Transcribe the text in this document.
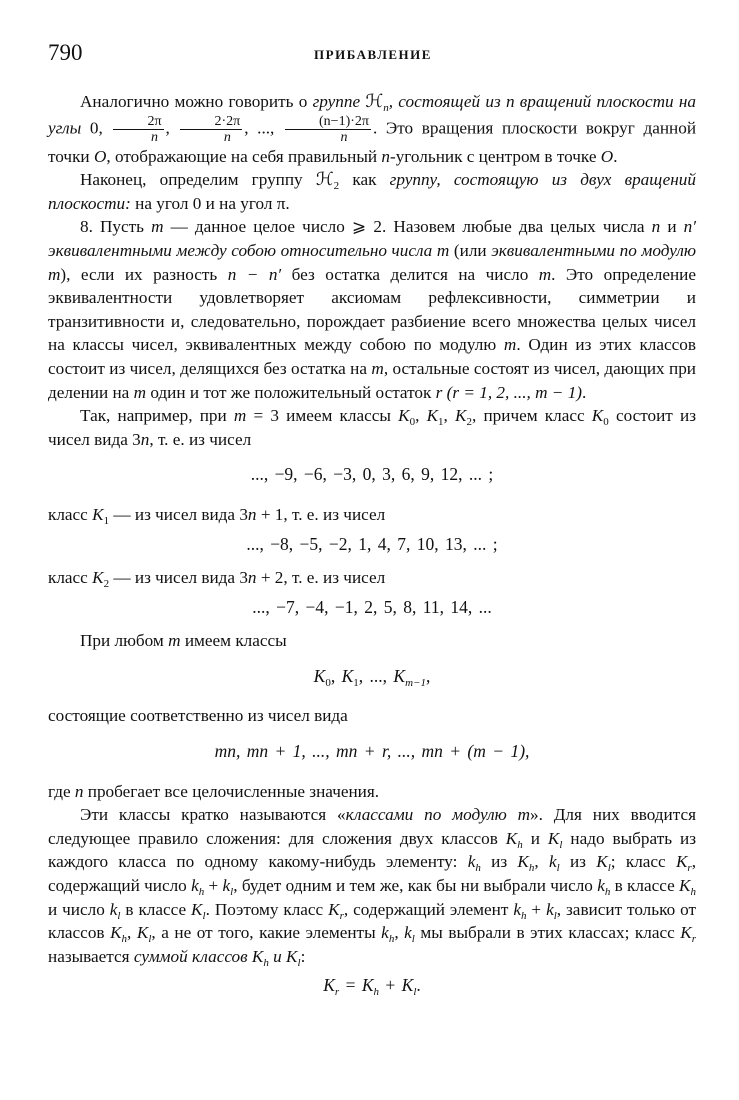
790	ПРИБАВЛЕНИЕ

Аналогично можно говорить о группе ℋ$_n$, состоящей из n вращений плоскости на углы 0, $\frac{2\pi}{n}$ , $\frac{2\cdot 2\pi}{n}$ , ..., $\frac{(n-1)\cdot 2\pi}{n}$ . Это вращения плоскости вокруг данной точки O, отображающие на себя правильный n-угольник с центром в точке O.

Наконец, определим группу ℋ$_2$ как группу, состоящую из двух вращений плоскости: на угол 0 и на угол π.

8. Пусть m — данное целое число ⩾ 2. Назовем любые два целых числа n и n′ эквивалентными между собою относительно числа m (или эквивалентными по модулю m), если их разность n − n′ без остатка делится на число m. Это определение эквивалентности удовлетворяет аксиомам рефлексивности, симметрии и транзитивности и, следовательно, порождает разбиение всего множества целых чисел на классы чисел, эквивалентных между собою по модулю m. Один из этих классов состоит из чисел, делящихся без остатка на m, остальные состоят из чисел, дающих при делении на m один и тот же положительный остаток r (r = 1, 2, ..., m − 1).

Так, например, при m = 3 имеем классы $K_0$, $K_1$, $K_2$, причем класс $K_0$ состоит из чисел вида 3n, т. е. из чисел

..., −9, −6, −3, 0, 3, 6, 9, 12, ... ;

класс $K_1$ — из чисел вида 3n + 1, т. е. из чисел

..., −8, −5, −2, 1, 4, 7, 10, 13, ... ;

класс $K_2$ — из чисел вида 3n + 2, т. е. из чисел

..., −7, −4, −1, 2, 5, 8, 11, 14, ...

При любом m имеем классы

$K_0$, $K_1$, ..., $K_{m-1}$,

состоящие соответственно из чисел вида

mn, mn + 1, ..., mn + r, ..., mn + (m − 1),

где n пробегает все целочисленные значения.

Эти классы кратко называются «классами по модулю m». Для них вводится следующее правило сложения: для сложения двух классов $K_h$ и $K_l$ надо выбрать из каждого класса по одному какому-нибудь элементу: $k_h$ из $K_h$, $k_l$ из $K_l$; класс $K_r$, содержащий число $k_h + k_l$, будет одним и тем же, как бы ни выбрали число $k_h$ в классе $K_h$ и число $k_l$ в классе $K_l$. Поэтому класс $K_r$, содержащий элемент $k_h + k_l$, зависит только от классов $K_h$, $K_l$, а не от того, какие элементы $k_h$, $k_l$ мы выбрали в этих классах; класс $K_r$ называется суммой классов $K_h$ и $K_l$:

$K_r = K_h + K_l$.
